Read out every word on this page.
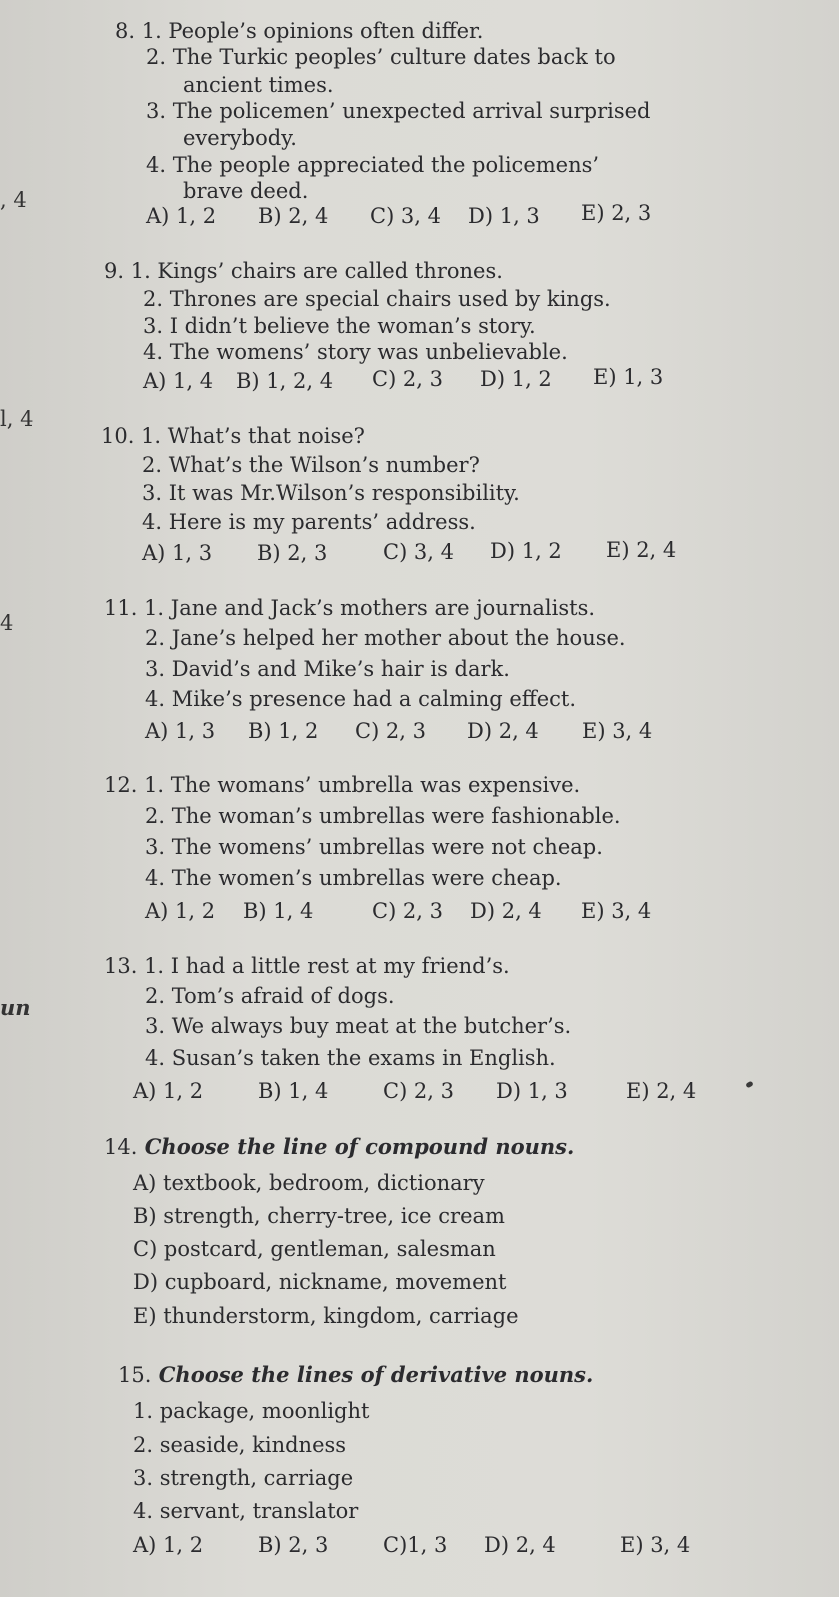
, 4
l, 4
4
un
8. 1. People’s opinions often differ.
2. The Turkic peoples’ culture dates back to
ancient times.
3. The policemen’ unexpected arrival surprised
everybody.
4. The people appreciated the policemens’
brave deed.
A) 1, 2 B) 2, 4 C) 3, 4 D) 1, 3 E) 2, 3
9. 1. Kings’ chairs are called thrones.
2. Thrones are special chairs used by kings.
3. I didn’t believe the woman’s story.
4. The womens’ story was unbelievable.
A) 1, 4 B) 1, 2, 4 C) 2, 3 D) 1, 2 E) 1, 3
10. 1. What’s that noise?
2. What’s the Wilson’s number?
3. It was Mr.Wilson’s responsibility.
4. Here is my parents’ address.
A) 1, 3 B) 2, 3	C) 3, 4 D) 1, 2 E) 2, 4
11. 1. Jane and Jack’s mothers are journalists.
2. Jane’s helped her mother about the house.
3. David’s and Mike’s hair is dark.
4. Mike’s presence had a calming effect.
A) 1, 3 B) 1, 2 C) 2, 3 D) 2, 4 E) 3, 4
12. 1. The womans’ umbrella was expensive.
2. The woman’s umbrellas were fashionable.
3. The womens’ umbrellas were not cheap.
4. The women’s umbrellas were cheap.
A) 1, 2 B) 1, 4	C) 2, 3 D) 2, 4 E) 3, 4
13. 1. I had a little rest at my friend’s.
2. Tom’s afraid of dogs.
3. We always buy meat at the butcher’s.
4. Susan’s taken the exams in English.
A) 1, 2	B) 1, 4	C) 2, 3 D) 1, 3	E) 2, 4
14. Choose the line of compound nouns.
A) textbook, bedroom, dictionary
B) strength, cherry-tree, ice cream
C) postcard, gentleman, salesman
D) cupboard, nickname, movement
E) thunderstorm, kingdom, carriage
15. Choose the lines of derivative nouns.
1. package, moonlight
2. seaside, kindness
3. strength, carriage
4. servant, translator
A) 1, 2	B) 2, 3	C)1, 3 D) 2, 4	E) 3, 4
